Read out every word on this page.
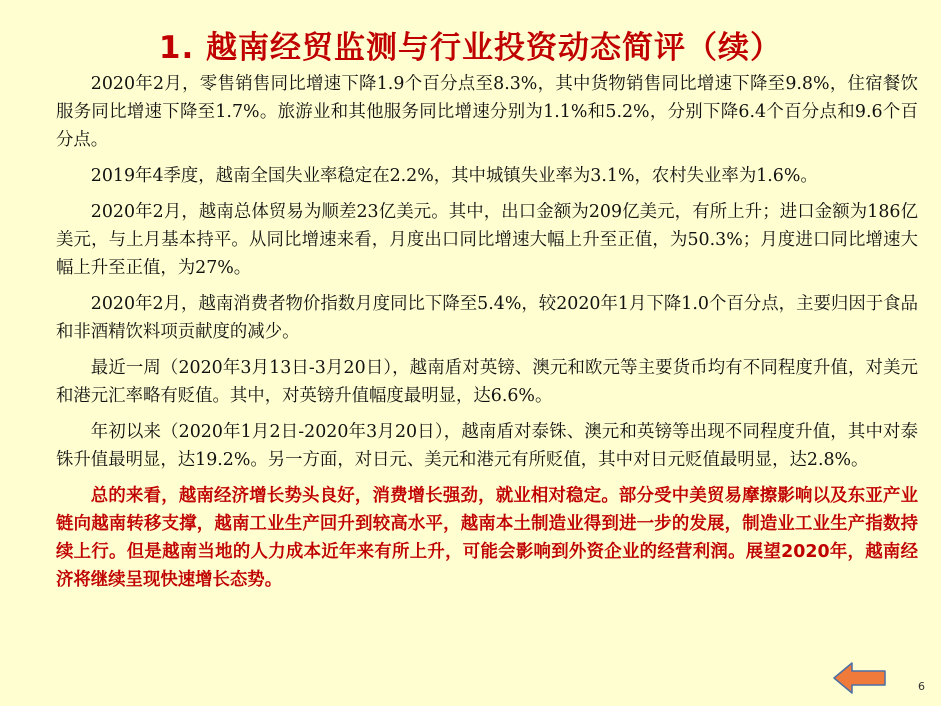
1. 越南经贸监测与行业投资动态简评（续）

2020年2月，零售销售同比增速下降1.9个百分点至8.3%，其中货物销售同比增速下降至9.8%，住宿餐饮服务同比增速下降至1.7%。旅游业和其他服务同比增速分别为1.1%和5.2%，分别下降6.4个百分点和9.6个百分点。

2019年4季度，越南全国失业率稳定在2.2%，其中城镇失业率为3.1%，农村失业率为1.6%。

2020年2月，越南总体贸易为顺差23亿美元。其中，出口金额为209亿美元，有所上升；进口金额为186亿美元，与上月基本持平。从同比增速来看，月度出口同比增速大幅上升至正值，为50.3%；月度进口同比增速大幅上升至正值，为27%。

2020年2月，越南消费者物价指数月度同比下降至5.4%，较2020年1月下降1.0个百分点，主要归因于食品和非酒精饮料项贡献度的减少。

最近一周（2020年3月13日-3月20日），越南盾对英镑、澳元和欧元等主要货币均有不同程度升值，对美元和港元汇率略有贬值。其中，对英镑升值幅度最明显，达6.6%。

年初以来（2020年1月2日-2020年3月20日），越南盾对泰铢、澳元和英镑等出现不同程度升值，其中对泰铢升值最明显，达19.2%。另一方面，对日元、美元和港元有所贬值，其中对日元贬值最明显，达2.8%。

总的来看，越南经济增长势头良好，消费增长强劲，就业相对稳定。部分受中美贸易摩擦影响以及东亚产业链向越南转移支撑，越南工业生产回升到较高水平，越南本土制造业得到进一步的发展，制造业工业生产指数持续上行。但是越南当地的人力成本近年来有所上升，可能会影响到外资企业的经营利润。展望2020年，越南经济将继续呈现快速增长态势。

6
